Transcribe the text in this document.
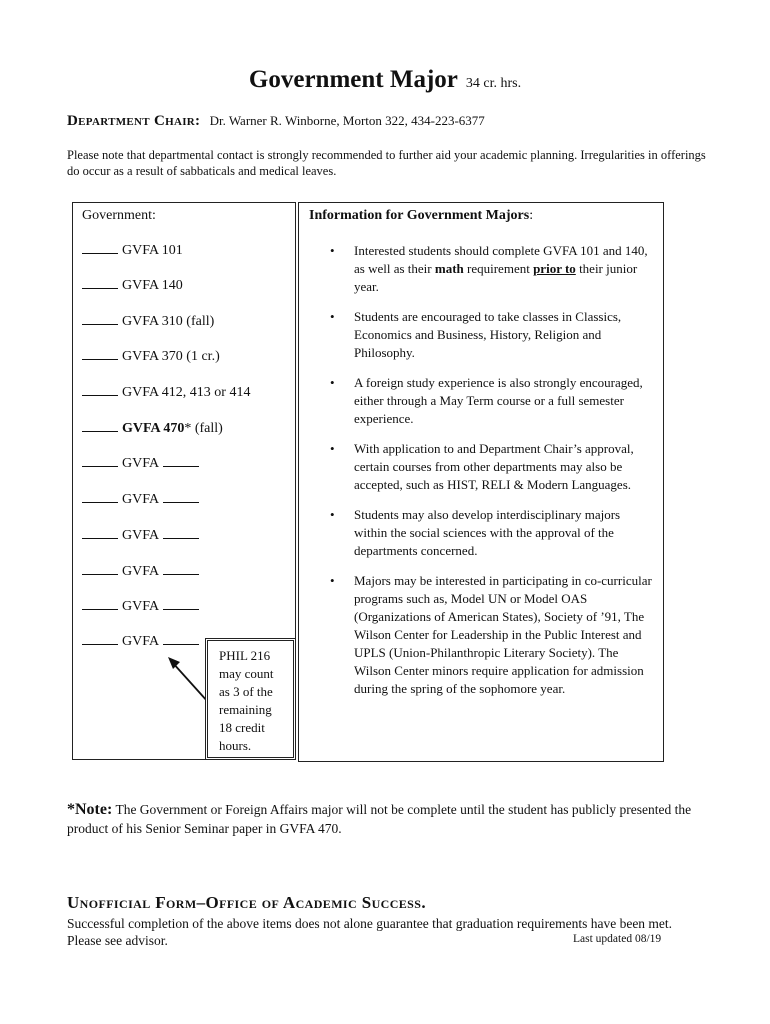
Government Major 34 cr. hrs.
Department Chair: Dr. Warner R. Winborne, Morton 322, 434-223-6377
Please note that departmental contact is strongly recommended to further aid your academic planning. Irregularities in offerings do occur as a result of sabbaticals and medical leaves.
Government:
GVFA 101
GVFA 140
GVFA 310 (fall)
GVFA 370 (1 cr.)
GVFA 412, 413 or 414
GVFA 470* (fall)
GVFA
GVFA
GVFA
GVFA
GVFA
GVFA
PHIL 216 may count as 3 of the remaining 18 credit hours.
Information for Government Majors:
• Interested students should complete GVFA 101 and 140, as well as their math requirement prior to their junior year.
• Students are encouraged to take classes in Classics, Economics and Business, History, Religion and Philosophy.
• A foreign study experience is also strongly encouraged, either through a May Term course or a full semester experience.
• With application to and Department Chair’s approval, certain courses from other departments may also be accepted, such as HIST, RELI & Modern Languages.
• Students may also develop interdisciplinary majors within the social sciences with the approval of the departments concerned.
• Majors may be interested in participating in co-curricular programs such as, Model UN or Model OAS (Organizations of American States), Society of ’91, The Wilson Center for Leadership in the Public Interest and UPLS (Union-Philanthropic Literary Society). The Wilson Center minors require application for admission during the spring of the sophomore year.
*Note: The Government or Foreign Affairs major will not be complete until the student has publicly presented the product of his Senior Seminar paper in GVFA 470.
Unofficial Form–Office of Academic Success.
Successful completion of the above items does not alone guarantee that graduation requirements have been met. Please see advisor.	Last updated 08/19
